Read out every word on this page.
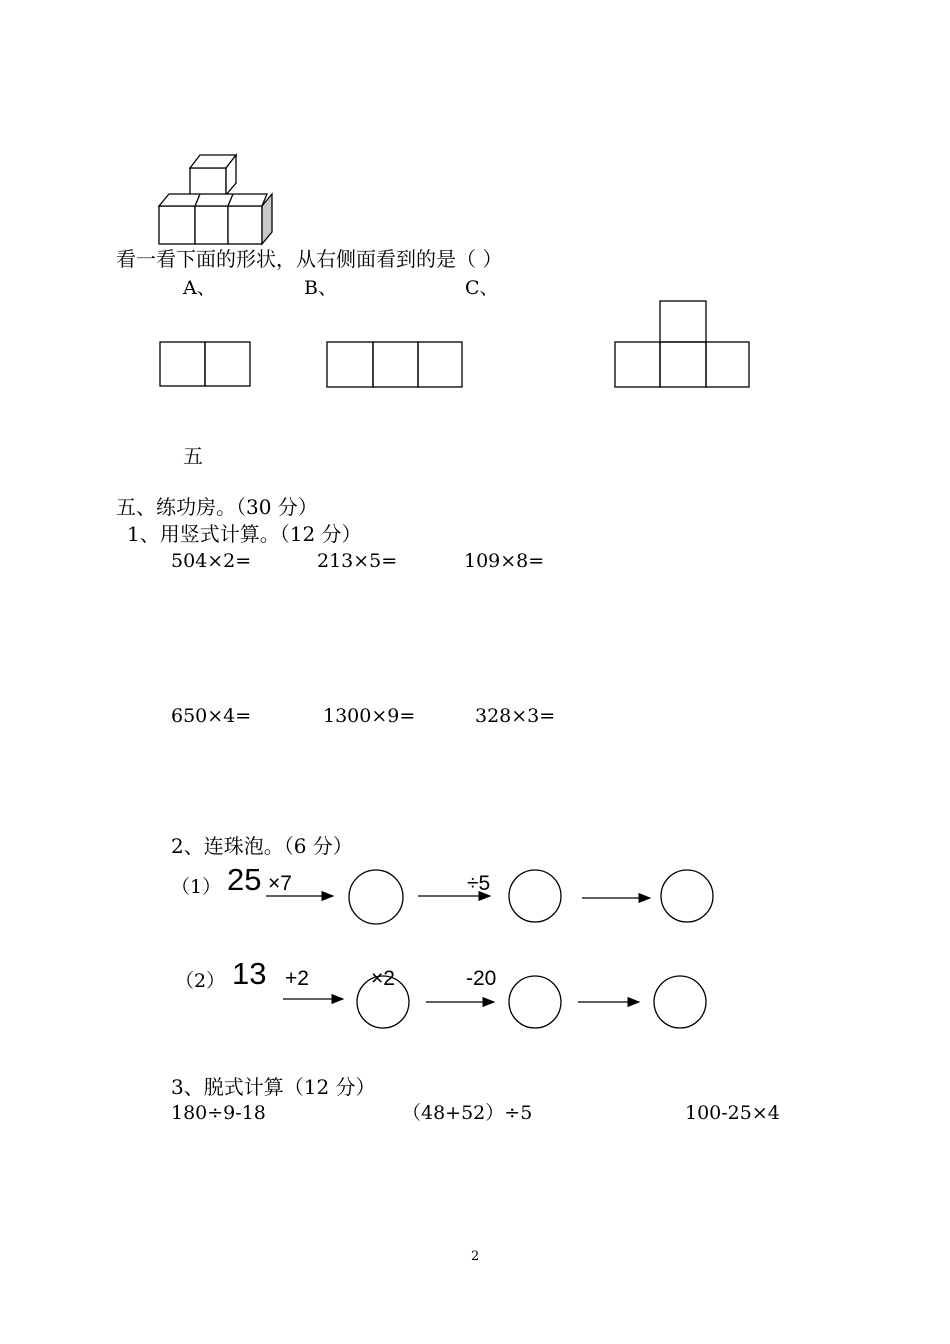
看一看下面的形状，从右侧面看到的是（ ）
A、	B、	C、
五
五、练功房。（30 分）
1、用竖式计算。（12 分）
504×2=	213×5=	109×8=
650×4=	1300×9=	328×3=
2、连珠泡。（6 分）
（1） 25 ×7	÷5
（2） 13 +2	×2	-20
3、脱式计算（12 分）
180÷9-18	（48+52）÷5	100-25×4
2
